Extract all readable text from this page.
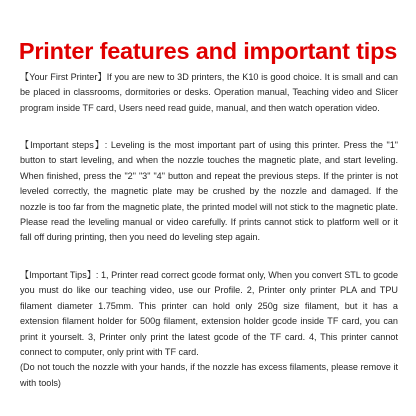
Printer features and important tips

【Your First Printer】If you are new to 3D printers, the K10 is good choice. It is small and can be placed in classrooms, dormitories or desks. Operation manual, Teaching video and Slicer program inside TF card, Users need read guide, manual, and then watch operation video.

【Important steps】: Leveling is the most important part of using this printer. Press the "1" button to start leveling, and when the nozzle touches the magnetic plate, and start leveling. When finished, press the "2" "3" "4" button and repeat the previous steps. If the printer is not leveled correctly, the magnetic plate may be crushed by the nozzle and damaged. If the nozzle is too far from the magnetic plate, the printed model will not stick to the magnetic plate. Please read the leveling manual or video carefully. If prints cannot stick to platform well or it fall off during printing, then you need do leveling step again.

【Important Tips】: 1, Printer read correct gcode format only, When you convert STL to gcode you must do like our teaching video, use our Profile. 2, Printer only printer PLA and TPU filament diameter 1.75mm. This printer can hold only 250g size filament, but it has a extension filament holder for 500g filament, extension holder gcode inside TF card, you can print it yourselt. 3, Printer only print the latest gcode of the TF card. 4, This printer cannot connect to computer, only print with TF card.
(Do not touch the nozzle with your hands, if the nozzle has excess filaments, please remove it with tools)
